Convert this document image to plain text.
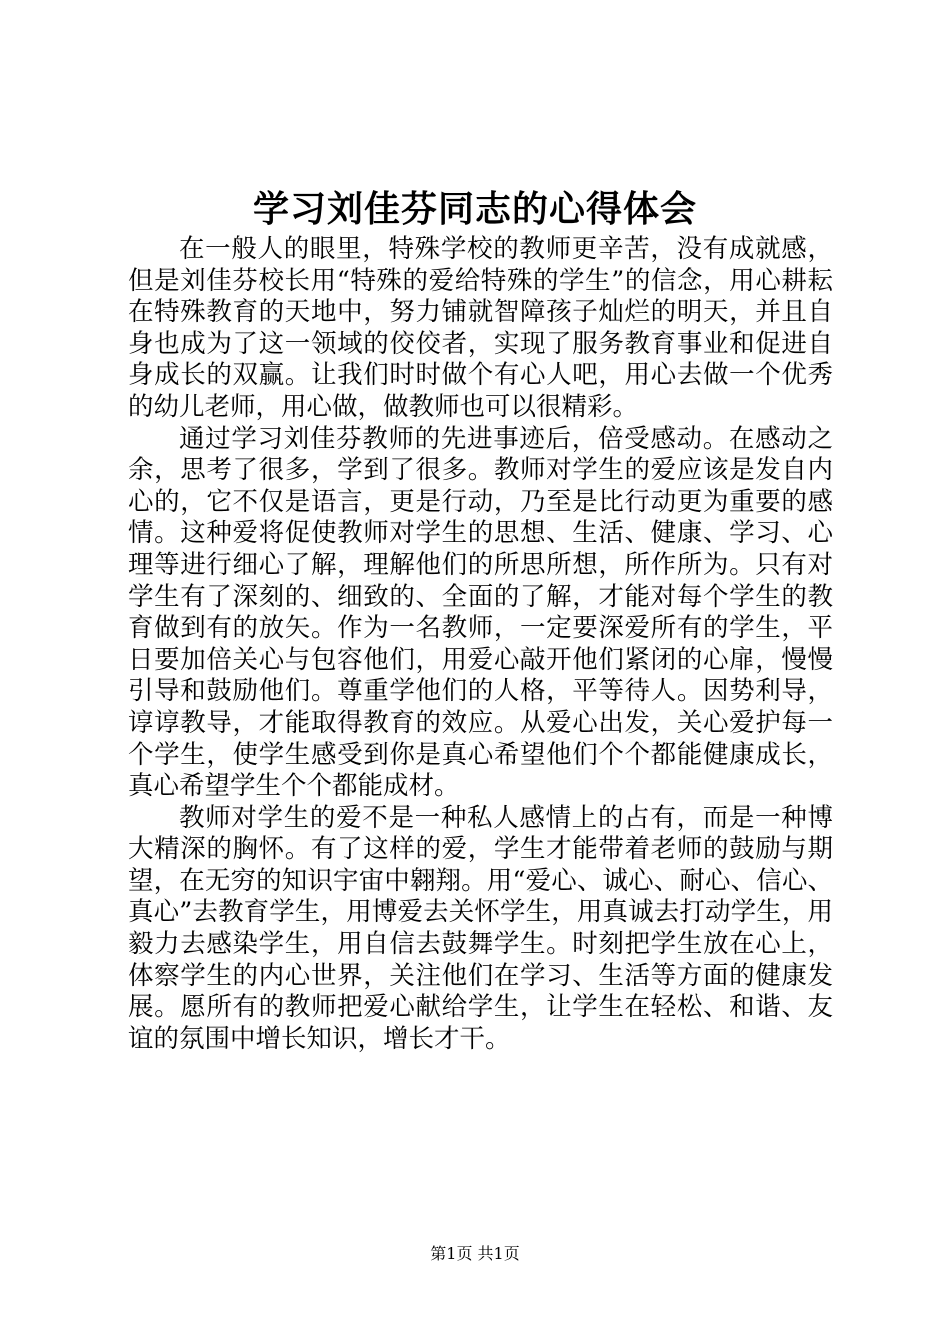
学习刘佳芬同志的心得体会

在一般人的眼里，特殊学校的教师更辛苦，没有成就感，但是刘佳芬校长用“特殊的爱给特殊的学生”的信念，用心耕耘在特殊教育的天地中，努力铺就智障孩子灿烂的明天，并且自身也成为了这一领域的佼佼者，实现了服务教育事业和促进自身成长的双赢。让我们时时做个有心人吧，用心去做一个优秀的幼儿老师，用心做，做教师也可以很精彩。

通过学习刘佳芬教师的先进事迹后，倍受感动。在感动之余，思考了很多，学到了很多。教师对学生的爱应该是发自内心的，它不仅是语言，更是行动，乃至是比行动更为重要的感情。这种爱将促使教师对学生的思想、生活、健康、学习、心理等进行细心了解，理解他们的所思所想，所作所为。只有对学生有了深刻的、细致的、全面的了解，才能对每个学生的教育做到有的放矢。作为一名教师，一定要深爱所有的学生，平日要加倍关心与包容他们，用爱心敲开他们紧闭的心扉，慢慢引导和鼓励他们。尊重学他们的人格，平等待人。因势利导，谆谆教导，才能取得教育的效应。从爱心出发，关心爱护每一个学生，使学生感受到你是真心希望他们个个都能健康成长，真心希望学生个个都能成材。

教师对学生的爱不是一种私人感情上的占有，而是一种博大精深的胸怀。有了这样的爱，学生才能带着老师的鼓励与期望，在无穷的知识宇宙中翱翔。用“爱心、诚心、耐心、信心、真心”去教育学生，用博爱去关怀学生，用真诚去打动学生，用毅力去感染学生，用自信去鼓舞学生。时刻把学生放在心上，体察学生的内心世界，关注他们在学习、生活等方面的健康发展。愿所有的教师把爱心献给学生，让学生在轻松、和谐、友谊的氛围中增长知识，增长才干。

第1页 共1页
